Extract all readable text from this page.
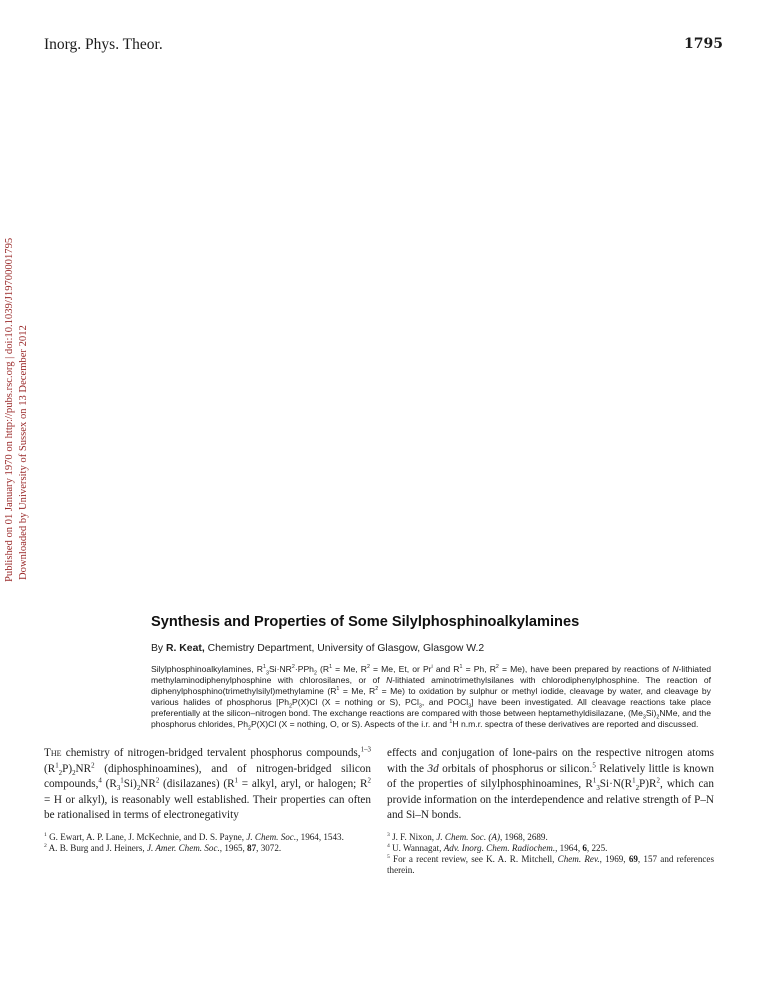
Inorg. Phys. Theor.	1795
Published on 01 January 1970 on http://pubs.rsc.org | doi:10.1039/J19700001795 Downloaded by University of Sussex on 13 December 2012
Synthesis and Properties of Some Silylphosphinoalkylamines
By R. Keat, Chemistry Department, University of Glasgow, Glasgow W.2

Silylphosphinoalkylamines, $R^1_3Si\cdot NR^2\cdot PPh_2$ ($R^1 = Me$, $R^2 = Me$, Et, or Pr$^i$ and $R^1 = Ph$, $R^2 = Me$), have been prepared by reactions of N-lithiated methylaminodiphenylphosphine with chlorosilanes, or of N-lithiated aminotrimethylsilanes with chlorodiphenylphosphine. The reaction of diphenylphosphino(trimethylsilyl)methylamine ($R^1 = Me$, $R^2 = Me$) to oxidation by sulphur or methyl iodide, cleavage by water, and cleavage by various halides of phosphorus [$Ph_2P(X)Cl$ (X = nothing or S), PCl$_3$, and POCl$_3$] have been investigated. All cleavage reactions take place preferentially at the silicon–nitrogen bond. The exchange reactions are compared with those between heptamethyldisilazane, $(Me_3Si)_2NMe$, and the phosphorus chlorides, $Ph_2P(X)Cl$ (X = nothing, O, or S). Aspects of the i.r. and $^1$H n.m.r. spectra of these derivatives are reported and discussed.

The chemistry of nitrogen-bridged tervalent phosphorus compounds,$^{1-3}$ $(R^1_2P)_2NR^2$ (diphosphinoamines), and of nitrogen-bridged silicon compounds,$^4$ $(R_3^1Si)_2NR^2$ (disilazanes) ($R^1$ = alkyl, aryl, or halogen; $R^2 = H$ or alkyl), is reasonably well established. Their properties can often be rationalised in terms of electronegativity

$^1$ G. Ewart, A. P. Lane, J. McKechnie, and D. S. Payne, J. Chem. Soc., 1964, 1543.

$^2$ A. B. Burg and J. Heiners, J. Amer. Chem. Soc., 1965, 87, 3072.

effects and conjugation of lone-pairs on the respective nitrogen atoms with the 3d orbitals of phosphorus or silicon.$^5$ Relatively little is known of the properties of silylphosphinoamines, $R^1_3Si\cdot N(R^1_2P)R^2$, which can provide information on the interdependence and relative strength of P–N and Si–N bonds.

$^3$ J. F. Nixon, J. Chem. Soc. (A), 1968, 2689.

$^4$ U. Wannagat, Adv. Inorg. Chem. Radiochem., 1964, 6, 225.

$^5$ For a recent review, see K. A. R. Mitchell, Chem. Rev., 1969, 69, 157 and references therein.
